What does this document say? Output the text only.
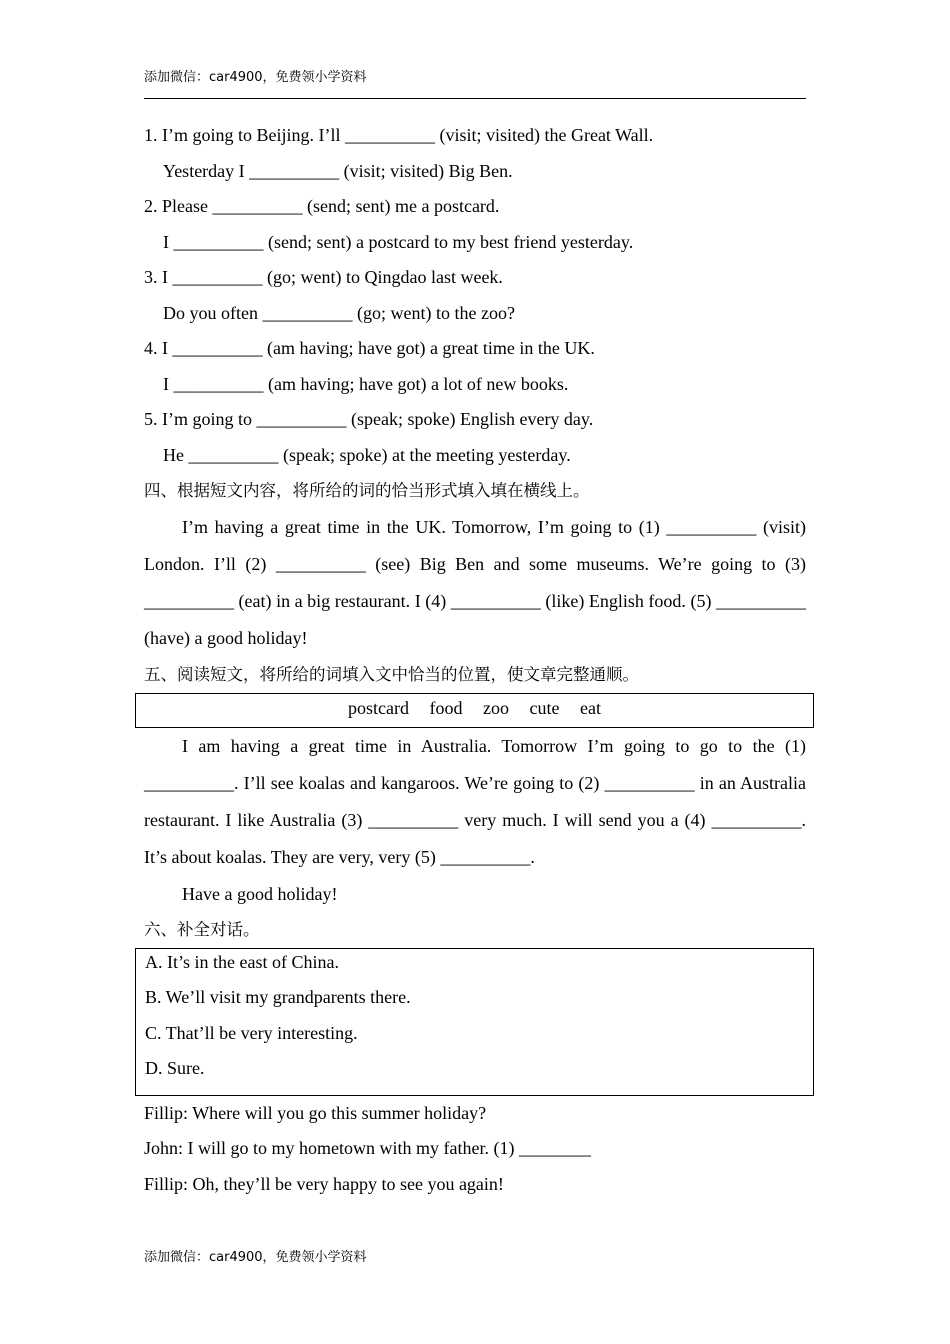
添加微信：car4900，免费领小学资料
1. I’m going to Beijing. I’ll __________ (visit; visited) the Great Wall.
Yesterday I __________ (visit; visited) Big Ben.
2. Please __________ (send; sent) me a postcard.
I __________ (send; sent) a postcard to my best friend yesterday.
3. I __________ (go; went) to Qingdao last week.
Do you often __________ (go; went) to the zoo?
4. I __________ (am having; have got) a great time in the UK.
I __________ (am having; have got) a lot of new books.
5. I’m going to __________ (speak; spoke) English every day.
He __________ (speak; spoke) at the meeting yesterday.
四、根据短文内容，将所给的词的恰当形式填入填在横线上。

I’m having a great time in the UK. Tomorrow, I’m going to (1) __________ (visit) London. I’ll (2) __________ (see) Big Ben and some museums. We’re going to (3) __________ (eat) in a big restaurant. I (4) __________ (like) English food. (5) __________ (have) a good holiday!

五、阅读短文，将所给的词填入文中恰当的位置，使文章完整通顺。
postcard food zoo cute eat

I am having a great time in Australia. Tomorrow I’m going to go to the (1) __________. I’ll see koalas and kangaroos. We’re going to (2) __________ in an Australia restaurant. I like Australia (3) __________ very much. I will send you a (4) __________. It’s about koalas. They are very, very (5) __________.

Have a good holiday!
六、补全对话。
A. It’s in the east of China.
B. We’ll visit my grandparents there.
C. That’ll be very interesting.
D. Sure.
Fillip: Where will you go this summer holiday?
John: I will go to my hometown with my father. (1) ________
Fillip: Oh, they’ll be very happy to see you again!
添加微信：car4900，免费领小学资料
